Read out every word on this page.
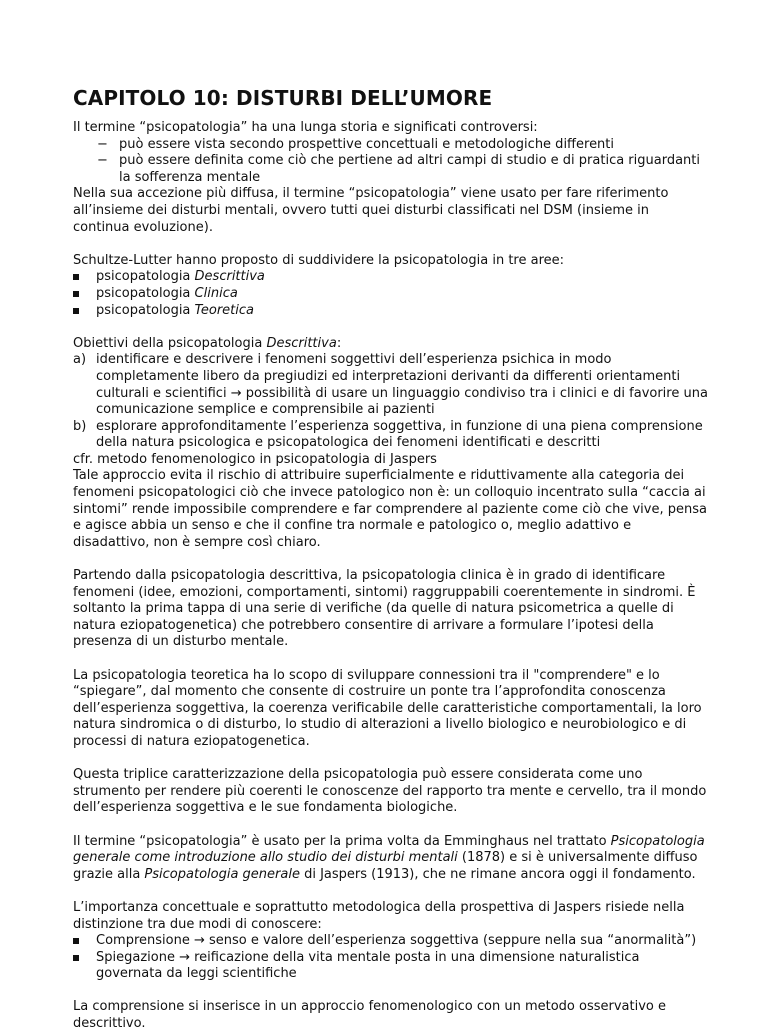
CAPITOLO 10: DISTURBI DELL’UMORE

Il termine “psicopatologia” ha una lunga storia e significati controversi:

− può essere vista secondo prospettive concettuali e metodologiche differenti
− può essere definita come ciò che pertiene ad altri campi di studio e di pratica riguardanti la sofferenza mentale

Nella sua accezione più diffusa, il termine “psicopatologia” viene usato per fare riferimento all’insieme dei disturbi mentali, ovvero tutti quei disturbi classificati nel DSM (insieme in continua evoluzione).

Schultze-Lutter hanno proposto di suddividere la psicopatologia in tre aree:

psicopatologia Descrittiva
psicopatologia Clinica
psicopatologia Teoretica

Obiettivi della psicopatologia Descrittiva:

a) identificare e descrivere i fenomeni soggettivi dell’esperienza psichica in modo completamente libero da pregiudizi ed interpretazioni derivanti da differenti orientamenti culturali e scientifici → possibilità di usare un linguaggio condiviso tra i clinici e di favorire una comunicazione semplice e comprensibile ai pazienti
b) esplorare approfonditamente l’esperienza soggettiva, in funzione di una piena comprensione della natura psicologica e psicopatologica dei fenomeni identificati e descritti

cfr. metodo fenomenologico in psicopatologia di Jaspers

Tale approccio evita il rischio di attribuire superficialmente e riduttivamente alla categoria dei fenomeni psicopatologici ciò che invece patologico non è: un colloquio incentrato sulla “caccia ai sintomi” rende impossibile comprendere e far comprendere al paziente come ciò che vive, pensa e agisce abbia un senso e che il confine tra normale e patologico o, meglio adattivo e disadattivo, non è sempre così chiaro.

Partendo dalla psicopatologia descrittiva, la psicopatologia clinica è in grado di identificare fenomeni (idee, emozioni, comportamenti, sintomi) raggruppabili coerentemente in sindromi. È soltanto la prima tappa di una serie di verifiche (da quelle di natura psicometrica a quelle di natura eziopatogenetica) che potrebbero consentire di arrivare a formulare l’ipotesi della presenza di un disturbo mentale.

La psicopatologia teoretica ha lo scopo di sviluppare connessioni tra il "comprendere" e lo “spiegare”, dal momento che consente di costruire un ponte tra l’approfondita conoscenza dell’esperienza soggettiva, la coerenza verificabile delle caratteristiche comportamentali, la loro natura sindromica o di disturbo, lo studio di alterazioni a livello biologico e neurobiologico e di processi di natura eziopatogenetica.

Questa triplice caratterizzazione della psicopatologia può essere considerata come uno strumento per rendere più coerenti le conoscenze del rapporto tra mente e cervello, tra il mondo dell’esperienza soggettiva e le sue fondamenta biologiche.

Il termine “psicopatologia” è usato per la prima volta da Emminghaus nel trattato Psicopatologia generale come introduzione allo studio dei disturbi mentali (1878) e si è universalmente diffuso grazie alla Psicopatologia generale di Jaspers (1913), che ne rimane ancora oggi il fondamento.

L’importanza concettuale e soprattutto metodologica della prospettiva di Jaspers risiede nella distinzione tra due modi di conoscere:

Comprensione → senso e valore dell’esperienza soggettiva (seppure nella sua “anormalità”)
Spiegazione → reificazione della vita mentale posta in una dimensione naturalistica governata da leggi scientifiche

La comprensione si inserisce in un approccio fenomenologico con un metodo osservativo e descrittivo.
